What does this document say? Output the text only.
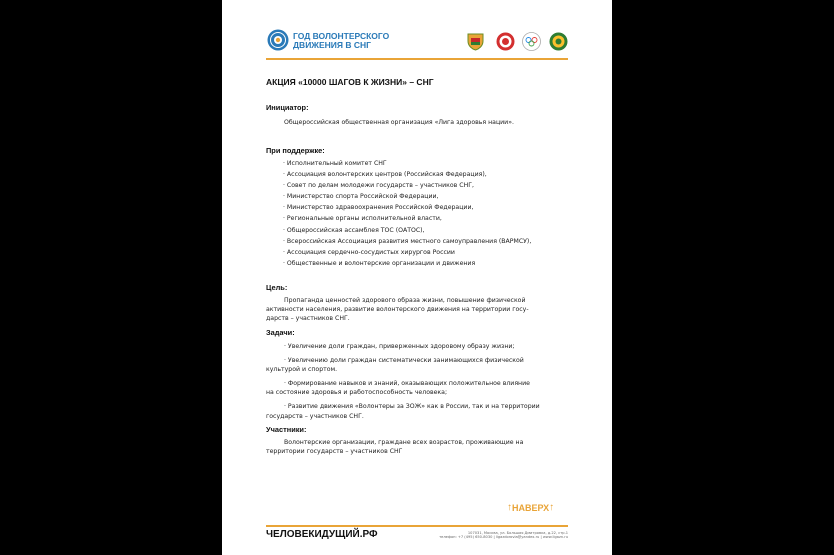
ГОД ВОЛОНТЕРСКОГО
ДВИЖЕНИЯ В СНГ
АКЦИЯ «10000 ШАГОВ К ЖИЗНИ» – СНГ
Инициатор:
Общероссийская общественная организация «Лига здоровья нации».
При поддержке:
· Исполнительный комитет СНГ
· Ассоциация волонтерских центров (Российская Федерация),
· Совет по делам молодежи государств – участников СНГ,
· Министерство спорта Российской Федерации,
· Министерство здравоохранения Российской Федерации,
· Региональные органы исполнительной власти,
· Общероссийская ассамблея ТОС (ОАТОС),
· Всероссийская Ассоциация развития местного самоуправления (ВАРМСУ),
· Ассоциация сердечно-сосудистых хирургов России
· Общественные и волонтерские организации и движения
Цель:
Пропаганда ценностей здорового образа жизни, повышение физической
активности населения, развитие волонтерского движения на территории госу-
дарств – участников СНГ.
Задачи:
· Увеличение доли граждан, приверженных здоровому образу жизни;
· Увеличению доли граждан систематически занимающихся физической
культурой и спортом.
· Формирование навыков и знаний, оказывающих положительное влияние
на состояние здоровья и работоспособность человека;
· Развитие движения «Волонтеры за ЗОЖ» как в России, так и на территории
государств – участников СНГ.
Участники:
Волонтерские организации, граждане всех возрастов, проживающие на
территории государств – участников СНГ
↑ НАВЕРХ ↑
ЧЕЛОВЕКИДУЩИЙ.РФ	107031, Москва, ул. Большая Дмитровка, д.22, стр.1
телефон: +7 (495) 650-8030 | ligazdorovia@yandex.ru | www.ligazn.ru
